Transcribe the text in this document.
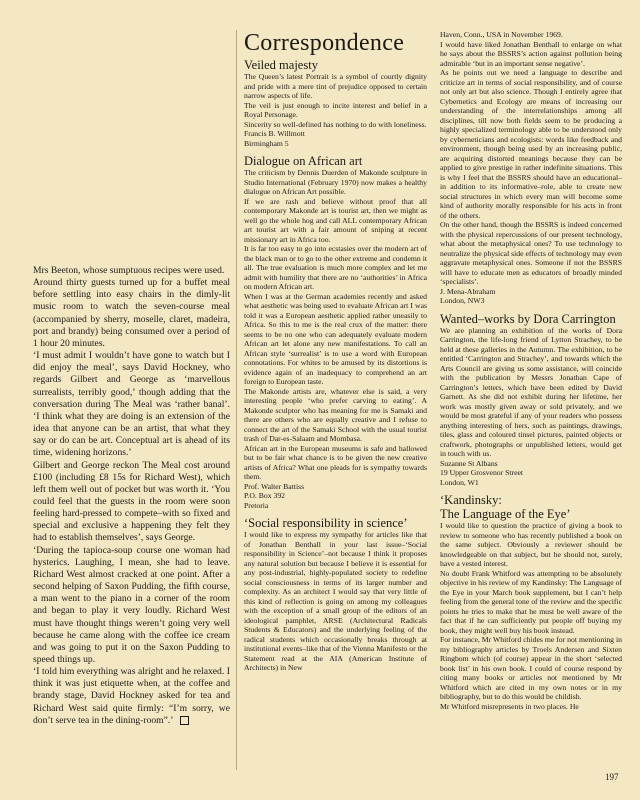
Mrs Beeton, whose sumptuous recipes were used.

Around thirty guests turned up for a buffet meal before settling into easy chairs in the dimly-lit music room to watch the seven-course meal (accompanied by sherry, moselle, claret, madeira, port and brandy) being consumed over a period of 1 hour 20 minutes.

‘I must admit I wouldn’t have gone to watch but I did enjoy the meal’, says David Hockney, who regards Gilbert and George as ‘marvellous surrealists, terribly good,’ though adding that the conversation during The Meal was ‘rather banal’. ‘I think what they are doing is an extension of the idea that anyone can be an artist, that what they say or do can be art. Conceptual art is ahead of its time, widening horizons.’

Gilbert and George reckon The Meal cost around £100 (including £8 15s for Richard West), which left them well out of pocket but was worth it. ‘You could feel that the guests in the room were soon feeling hard-pressed to compete–with so fixed and special and exclusive a happening they felt they had to establish themselves’, says George.

‘During the tapioca-soup course one woman had hysterics. Laughing, I mean, she had to leave. Richard West almost cracked at one point. After a second helping of Saxon Pudding, the fifth course, a man went to the piano in a corner of the room and began to play it very loudly. Richard West must have thought things weren’t going very well because he came along with the coffee ice cream and was going to put it on the Saxon Pudding to speed things up.

‘I told him everything was alright and he relaxed. I think it was just etiquette when, at the coffee and brandy stage, David Hockney asked for tea and Richard West said quite firmly: “I’m sorry, we don’t serve tea in the dining-room”.’

Correspondence

Veiled majesty

The Queen’s latest Portrait is a symbol of courtly dignity and pride with a mere tint of prejudice opposed to certain narrow aspects of life.

The veil is just enough to incite interest and belief in a Royal Personage.

Sincerity so well-defined has nothing to do with loneliness.

Francis B. Willmott

Birmingham 5

Dialogue on African art

The criticism by Dennis Duerden of Makonde sculpture in Studio International (February 1970) now makes a healthy dialogue on African Art possible.

If we are rash and believe without proof that all contemporary Makonde art is tourist art, then we might as well go the whole hog and call ALL contemporary African art tourist art with a fair amount of sniping at recent missionary art in Africa too.

It is far too easy to go into ecstasies over the modern art of the black man or to go to the other extreme and condemn it all. The true evaluation is much more complex and let me admit with humility that there are no ‘authorities’ in Africa on modern African art.

When I was at the German academies recently and asked what aesthetic was being used to evaluate African art I was told it was a European aesthetic applied rather uneasily to Africa. So this to me is the real crux of the matter: there seems to be no one who can adequately evaluate modern African art let alone any new manifestations. To call an African style ‘surrealist’ is to use a word with European connotations. For whites to be amused by its distortions is evidence again of an inadequacy to comprehend an art foreign to European taste.

The Makonde artists are, whatever else is said, a very interesting people ‘who prefer carving to eating’. A Makonde sculptor who has meaning for me is Samaki and there are others who are equally creative and I refuse to connect the art of the Samaki School with the usual tourist trash of Dar-es-Salaam and Mombasa.

African art in the European museums is safe and hallowed but to be fair what chance is to be given the new creative artists of Africa? What one pleads for is sympathy towards them.

Prof. Walter Battiss

P.O. Box 392

Pretoria

‘Social responsibility in science’

I would like to express my sympathy for articles like that of Jonathan Benthall in your last issue–‘Social responsibility in Science’–not because I think it proposes any natural solution but because I believe it is essential for any post-industrial, highly-populated society to redefine social consciousness in terms of its larger number and complexity. As an architect I would say that very little of this kind of reflection is going on among my colleagues with the exception of a small group of the editors of an ideological pamphlet, ARSE (Architectural Radicals Students & Educators) and the underlying feeling of the radical students which occasionally breaks through at institutional events–like that of the Vienna Manifesto or the Statement read at the AIA (American Institute of Architects) in New

Haven, Conn., USA in November 1969.

I would have liked Jonathan Benthall to enlarge on what he says about the BSSRS’s action against pollution being admirable ‘but in an important sense negative’.

As he points out we need a language to describe and criticize art in terms of social responsibility, and of course not only art but also science. Though I entirely agree that Cybernetics and Ecology are means of increasing our understanding of the interrelationships among all disciplines, till now both fields seem to be producing a highly specialized terminology able to be understood only by cyberneticians and ecologists: words like feedback and environment, though being used by an increasing public, are acquiring distorted meanings because they can be applied to give prestige in rather indefinite situations. This is why I feel that the BSSRS should have an educational–in addition to its informative–role, able to create new social structures in which every man will become some kind of authority morally responsible for his acts in front of the others.

On the other hand, though the BSSRS is indeed concerned with the physical repercussions of our present technology, what about the metaphysical ones? To use technology to neutralize the physical side effects of technology may even aggravate metaphysical ones. Someone if not the BSSRS will have to educate men as educators of broadly minded ‘specialists’.

J. Mena-Abraham

London, NW3

Wanted–works by Dora Carrington

We are planning an exhibition of the works of Dora Carrington, the life-long friend of Lytton Strachey, to be held at these galleries in the Autumn. The exhibition, to be entitled ‘Carrington and Strachey’, and towards which the Arts Council are giving us some assistance, will coincide with the publication by Messrs Jonathan Cape of Carrington’s letters, which have been edited by David Garnett. As she did not exhibit during her lifetime, her work was mostly given away or sold privately, and we would be most grateful if any of your readers who possess anything interesting of hers, such as paintings, drawings, tiles, glass and coloured tinsel pictures, painted objects or craftwork, photographs or unpublished letters, would get in touch with us.

Suzanne St Albans

19 Upper Grosvenor Street

London, W1

‘Kandinsky:
The Language of the Eye’

I would like to question the practice of giving a book to review to someone who has recently published a book on the same subject. Obviously a reviewer should be knowledgeable on that subject, but he should not, surely, have a vested interest.

No doubt Frank Whitford was attempting to be absolutely objective in his review of my Kandinsky: The Language of the Eye in your March book supplement, but I can’t help feeling from the general tone of the review and the specific points he tries to make that he must be well aware of the fact that if he can sufficiently put people off buying my book, they might well buy his book instead.

For instance, Mr Whitford chides me for not mentioning in my bibliography articles by Troels Andersen and Sixten Ringbom which (of course) appear in the short ‘selected book list’ in his own book. I could of course respond by citing many books or articles not mentioned by Mr Whitford which are cited in my own notes or in my bibliography, but to do this would be childish.

Mr Whitford misrepresents in two places. He

197
